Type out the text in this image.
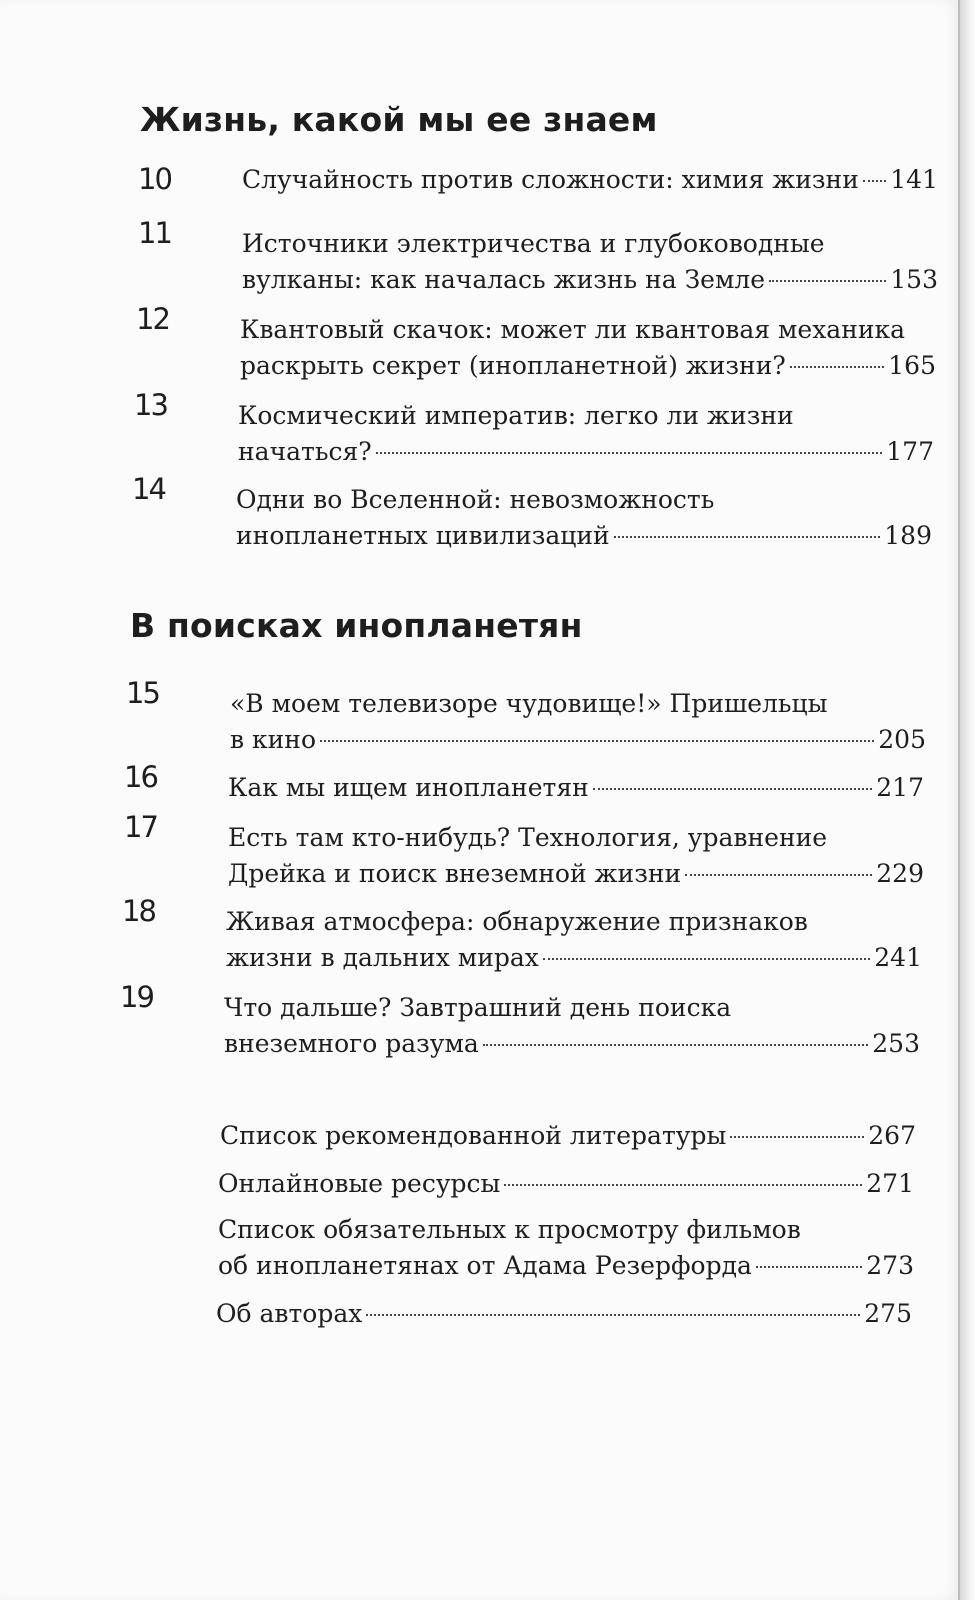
Жизнь, какой мы ее знаем
10	Случайность против сложности: химия жизни 141
11	Источники электричества и глубоководные
вулканы: как началась жизнь на Земле	153
12	Квантовый скачок: может ли квантовая механика
раскрыть секрет (инопланетной) жизни?	165
13	Космический императив: легко ли жизни
начаться?	177
14	Одни во Вселенной: невозможность
инопланетных цивилизаций	189
В поисках инопланетян
15	«В моем телевизоре чудовище!» Пришельцы
в кино	205
16	Как мы ищем инопланетян	217
17	Есть там кто-нибудь? Технология, уравнение
Дрейка и поиск внеземной жизни	229
18	Живая атмосфера: обнаружение признаков
жизни в дальних мирах	241
19	Что дальше? Завтрашний день поиска
внеземного разума	253
Список рекомендованной литературы	267
Онлайновые ресурсы	271
Список обязательных к просмотру фильмов
об инопланетянах от Адама Резерфорда	273
Об авторах	275
